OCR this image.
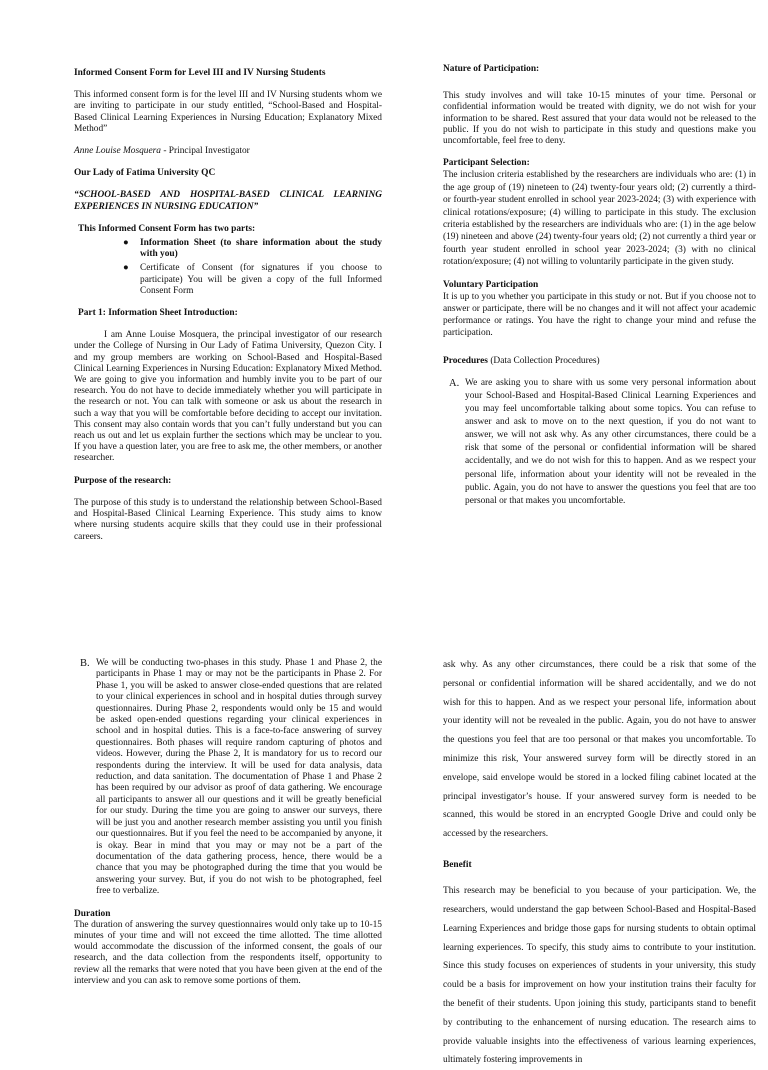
Informed Consent Form for Level III and IV Nursing Students

This informed consent form is for the level III and IV Nursing students whom we are inviting to participate in our study entitled, “School-Based and Hospital-Based Clinical Learning Experiences in Nursing Education; Explanatory Mixed Method”

Anne Louise Mosquera - Principal Investigator

Our Lady of Fatima University QC

“SCHOOL-BASED AND HOSPITAL-BASED CLINICAL LEARNING EXPERIENCES IN NURSING EDUCATION”

This Informed Consent Form has two parts:

● Information Sheet (to share information about the study with you)
● Certificate of Consent (for signatures if you choose to participate) You will be given a copy of the full Informed Consent Form

Part 1: Information Sheet Introduction:

I am Anne Louise Mosquera, the principal investigator of our research under the College of Nursing in Our Lady of Fatima University, Quezon City. I and my group members are working on School-Based and Hospital-Based Clinical Learning Experiences in Nursing Education: Explanatory Mixed Method. We are going to give you information and humbly invite you to be part of our research. You do not have to decide immediately whether you will participate in the research or not. You can talk with someone or ask us about the research in such a way that you will be comfortable before deciding to accept our invitation. This consent may also contain words that you can’t fully understand but you can reach us out and let us explain further the sections which may be unclear to you. If you have a question later, you are free to ask me, the other members, or another researcher.

Purpose of the research:

The purpose of this study is to understand the relationship between School-Based and Hospital-Based Clinical Learning Experience. This study aims to know where nursing students acquire skills that they could use in their professional careers.

Nature of Participation:

This study involves and will take 10-15 minutes of your time. Personal or confidential information would be treated with dignity, we do not wish for your information to be shared. Rest assured that your data would not be released to the public. If you do not wish to participate in this study and questions make you uncomfortable, feel free to deny.

Participant Selection:

The inclusion criteria established by the researchers are individuals who are: (1) in the age group of (19) nineteen to (24) twenty-four years old; (2) currently a third- or fourth-year student enrolled in school year 2023-2024; (3) with experience with clinical rotations/exposure; (4) willing to participate in this study. The exclusion criteria established by the researchers are individuals who are: (1) in the age below (19) nineteen and above (24) twenty-four years old; (2) not currently a third year or fourth year student enrolled in school year 2023-2024; (3) with no clinical rotation/exposure; (4) not willing to voluntarily participate in the given study.

Voluntary Participation

It is up to you whether you participate in this study or not. But if you choose not to answer or participate, there will be no changes and it will not affect your academic performance or ratings. You have the right to change your mind and refuse the participation.

Procedures (Data Collection Procedures)

A. We are asking you to share with us some very personal information about your School-Based and Hospital-Based Clinical Learning Experiences and you may feel uncomfortable talking about some topics. You can refuse to answer and ask to move on to the next question, if you do not want to answer, we will not ask why. As any other circumstances, there could be a risk that some of the personal or confidential information will be shared accidentally, and we do not wish for this to happen. And as we respect your personal life, information about your identity will not be revealed in the public. Again, you do not have to answer the questions you feel that are too personal or that makes you uncomfortable.

B. We will be conducting two-phases in this study. Phase 1 and Phase 2, the participants in Phase 1 may or may not be the participants in Phase 2. For Phase 1, you will be asked to answer close-ended questions that are related to your clinical experiences in school and in hospital duties through survey questionnaires. During Phase 2, respondents would only be 15 and would be asked open-ended questions regarding your clinical experiences in school and in hospital duties. This is a face-to-face answering of survey questionnaires. Both phases will require random capturing of photos and videos. However, during the Phase 2, It is mandatory for us to record our respondents during the interview. It will be used for data analysis, data reduction, and data sanitation. The documentation of Phase 1 and Phase 2 has been required by our advisor as proof of data gathering. We encourage all participants to answer all our questions and it will be greatly beneficial for our study. During the time you are going to answer our surveys, there will be just you and another research member assisting you until you finish our questionnaires. But if you feel the need to be accompanied by anyone, it is okay. Bear in mind that you may or may not be a part of the documentation of the data gathering process, hence, there would be a chance that you may be photographed during the time that you would be answering your survey. But, if you do not wish to be photographed, feel free to verbalize.

Duration

The duration of answering the survey questionnaires would only take up to 10-15 minutes of your time and will not exceed the time allotted. The time allotted would accommodate the discussion of the informed consent, the goals of our research, and the data collection from the respondents itself, opportunity to review all the remarks that were noted that you have been given at the end of the interview and you can ask to remove some portions of them.

ask why. As any other circumstances, there could be a risk that some of the personal or confidential information will be shared accidentally, and we do not wish for this to happen. And as we respect your personal life, information about your identity will not be revealed in the public. Again, you do not have to answer the questions you feel that are too personal or that makes you uncomfortable. To minimize this risk, Your answered survey form will be directly stored in an envelope, said envelope would be stored in a locked filing cabinet located at the principal investigator’s house. If your answered survey form is needed to be scanned, this would be stored in an encrypted Google Drive and could only be accessed by the researchers.

Benefit

This research may be beneficial to you because of your participation. We, the researchers, would understand the gap between School-Based and Hospital-Based Learning Experiences and bridge those gaps for nursing students to obtain optimal learning experiences. To specify, this study aims to contribute to your institution. Since this study focuses on experiences of students in your university, this study could be a basis for improvement on how your institution trains their faculty for the benefit of their students. Upon joining this study, participants stand to benefit by contributing to the enhancement of nursing education. The research aims to provide valuable insights into the effectiveness of various learning experiences, ultimately fostering improvements in
